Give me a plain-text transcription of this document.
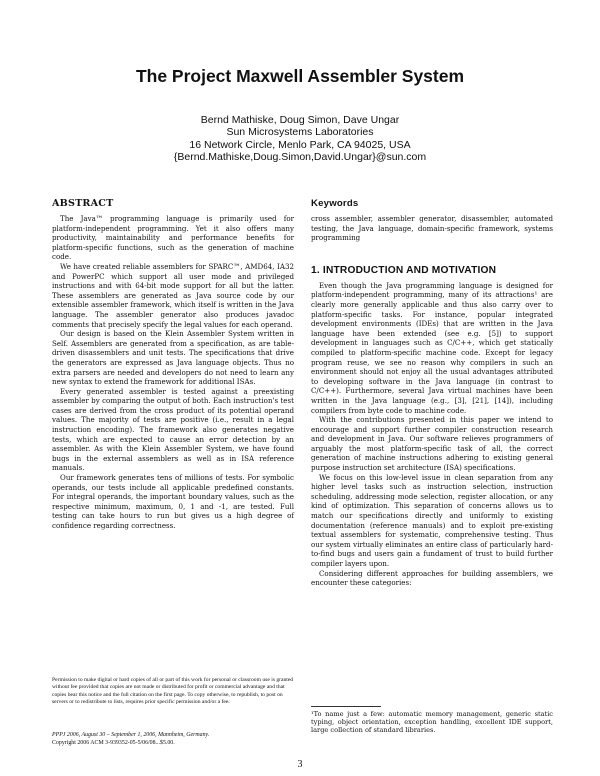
The Project Maxwell Assembler System
Bernd Mathiske, Doug Simon, Dave Ungar
Sun Microsystems Laboratories
16 Network Circle, Menlo Park, CA 94025, USA
{Bernd.Mathiske,Doug.Simon,David.Ungar}@sun.com
ABSTRACT

The Java™ programming language is primarily used for platform-independent programming. Yet it also offers many productivity, maintainability and performance benefits for platform-specific functions, such as the generation of machine code.

We have created reliable assemblers for SPARC™, AMD64, IA32 and PowerPC which support all user mode and privileged instructions and with 64-bit mode support for all but the latter. These assemblers are generated as Java source code by our extensible assembler framework, which itself is written in the Java language. The assembler generator also produces javadoc comments that precisely specify the legal values for each operand.

Our design is based on the Klein Assembler System written in Self. Assemblers are generated from a specification, as are table-driven disassemblers and unit tests. The specifications that drive the generators are expressed as Java language objects. Thus no extra parsers are needed and developers do not need to learn any new syntax to extend the framework for additional ISAs.

Every generated assembler is tested against a preexisting assembler by comparing the output of both. Each instruction's test cases are derived from the cross product of its potential operand values. The majority of tests are positive (i.e., result in a legal instruction encoding). The framework also generates negative tests, which are expected to cause an error detection by an assembler. As with the Klein Assembler System, we have found bugs in the external assemblers as well as in ISA reference manuals.

Our framework generates tens of millions of tests. For symbolic operands, our tests include all applicable predefined constants. For integral operands, the important boundary values, such as the respective minimum, maximum, 0, 1 and -1, are tested. Full testing can take hours to run but gives us a high degree of confidence regarding correctness.

Permission to make digital or hard copies of all or part of this work for personal or classroom use is granted without fee provided that copies are not made or distributed for profit or commercial advantage and that copies bear this notice and the full citation on the first page. To copy otherwise, to republish, to post on servers or to redistribute to lists, requires prior specific permission and/or a fee.

PPPJ 2006, August 30 – September 1, 2006, Mannheim, Germany.

Copyright 2006 ACM 3-939352-05-5/06/08...$5.00.

Keywords

cross assembler, assembler generator, disassembler, automated testing, the Java language, domain-specific framework, systems programming

1. INTRODUCTION AND MOTIVATION

Even though the Java programming language is designed for platform-independent programming, many of its attractions¹ are clearly more generally applicable and thus also carry over to platform-specific tasks. For instance, popular integrated development environments (IDEs) that are written in the Java language have been extended (see e.g. [5]) to support development in languages such as C/C++, which get statically compiled to platform-specific machine code. Except for legacy program reuse, we see no reason why compilers in such an environment should not enjoy all the usual advantages attributed to developing software in the Java language (in contrast to C/C++). Furthermore, several Java virtual machines have been written in the Java language (e.g., [3], [21], [14]), including compilers from byte code to machine code.

With the contributions presented in this paper we intend to encourage and support further compiler construction research and development in Java. Our software relieves programmers of arguably the most platform-specific task of all, the correct generation of machine instructions adhering to existing general purpose instruction set architecture (ISA) specifications.

We focus on this low-level issue in clean separation from any higher level tasks such as instruction selection, instruction scheduling, addressing mode selection, register allocation, or any kind of optimization. This separation of concerns allows us to match our specifications directly and uniformly to existing documentation (reference manuals) and to exploit pre-existing textual assemblers for systematic, comprehensive testing. Thus our system virtually eliminates an entire class of particularly hard-to-find bugs and users gain a fundament of trust to build further compiler layers upon.

Considering different approaches for building assemblers, we encounter these categories:

¹To name just a few: automatic memory management, generic static typing, object orientation, exception handling, excellent IDE support, large collection of standard libraries.

3
